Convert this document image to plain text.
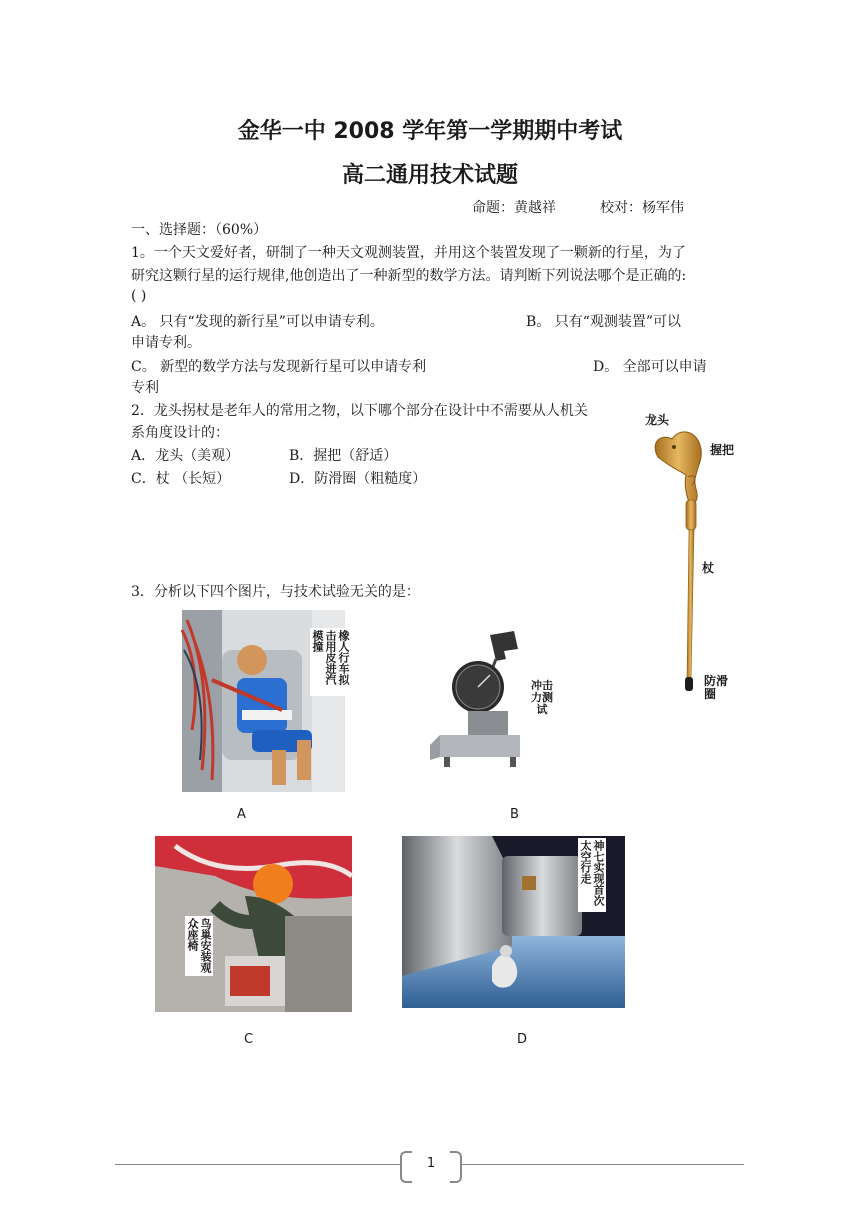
金华一中 2008 学年第一学期期中考试
高二通用技术试题
命题：黄越祥	校对：杨军伟
一、选择题：（60%）
1。一个天文爱好者，研制了一种天文观测装置，并用这个装置发现了一颗新的行星，为了
研究这颗行星的运行规律,他创造出了一种新型的数学方法。请判断下列说法哪个是正确的:
( )
A。 只有“发现的新行星”可以申请专利。	B。 只有“观测装置”可以
申请专利。
C。 新型的数学方法与发现新行星可以申请专利	D。 全部可以申请
专利
2．龙头拐杖是老年人的常用之物，以下哪个部分在设计中不需要从人机关
系角度设计的：
A．龙头（美观）	B．握把（舒适）
C．杖 （长短）	D．防滑圈（粗糙度）
龙头
握把
杖
防滑圈
3．分析以下四个图片，与技术试验无关的是：
橡人行车拟击用皮进汽模撞
A
冲击力测试
B
鸟巢安装观众座椅
C
神七实现首次太空行走
D
1
